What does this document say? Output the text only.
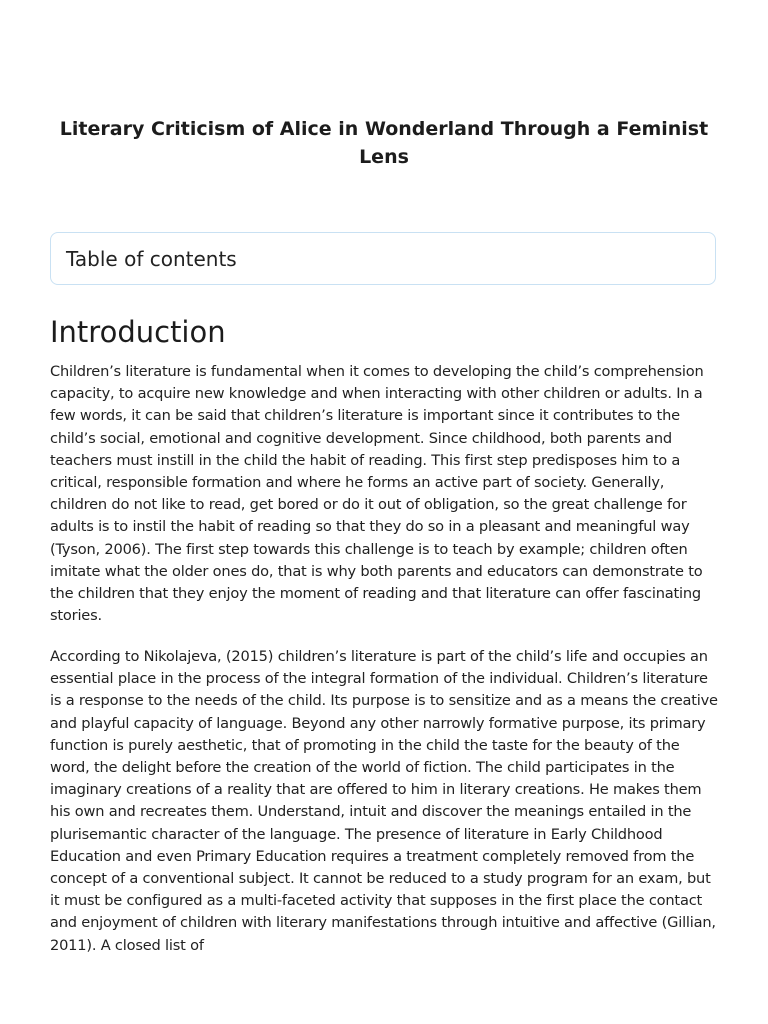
Literary Criticism of Alice in Wonderland Through a Feminist Lens
Table of contents
Introduction

Children’s literature is fundamental when it comes to developing the child’s comprehension capacity, to acquire new knowledge and when interacting with other children or adults. In a few words, it can be said that children’s literature is important since it contributes to the child’s social, emotional and cognitive development. Since childhood, both parents and teachers must instill in the child the habit of reading. This first step predisposes him to a critical, responsible formation and where he forms an active part of society. Generally, children do not like to read, get bored or do it out of obligation, so the great challenge for adults is to instil the habit of reading so that they do so in a pleasant and meaningful way (Tyson, 2006). The first step towards this challenge is to teach by example; children often imitate what the older ones do, that is why both parents and educators can demonstrate to the children that they enjoy the moment of reading and that literature can offer fascinating stories.

According to Nikolajeva, (2015) children’s literature is part of the child’s life and occupies an essential place in the process of the integral formation of the individual. Children’s literature is a response to the needs of the child. Its purpose is to sensitize and as a means the creative and playful capacity of language. Beyond any other narrowly formative purpose, its primary function is purely aesthetic, that of promoting in the child the taste for the beauty of the word, the delight before the creation of the world of fiction. The child participates in the imaginary creations of a reality that are offered to him in literary creations. He makes them his own and recreates them. Understand, intuit and discover the meanings entailed in the plurisemantic character of the language. The presence of literature in Early Childhood Education and even Primary Education requires a treatment completely removed from the concept of a conventional subject. It cannot be reduced to a study program for an exam, but it must be configured as a multi-faceted activity that supposes in the first place the contact and enjoyment of children with literary manifestations through intuitive and affective (Gillian, 2011). A closed list of
